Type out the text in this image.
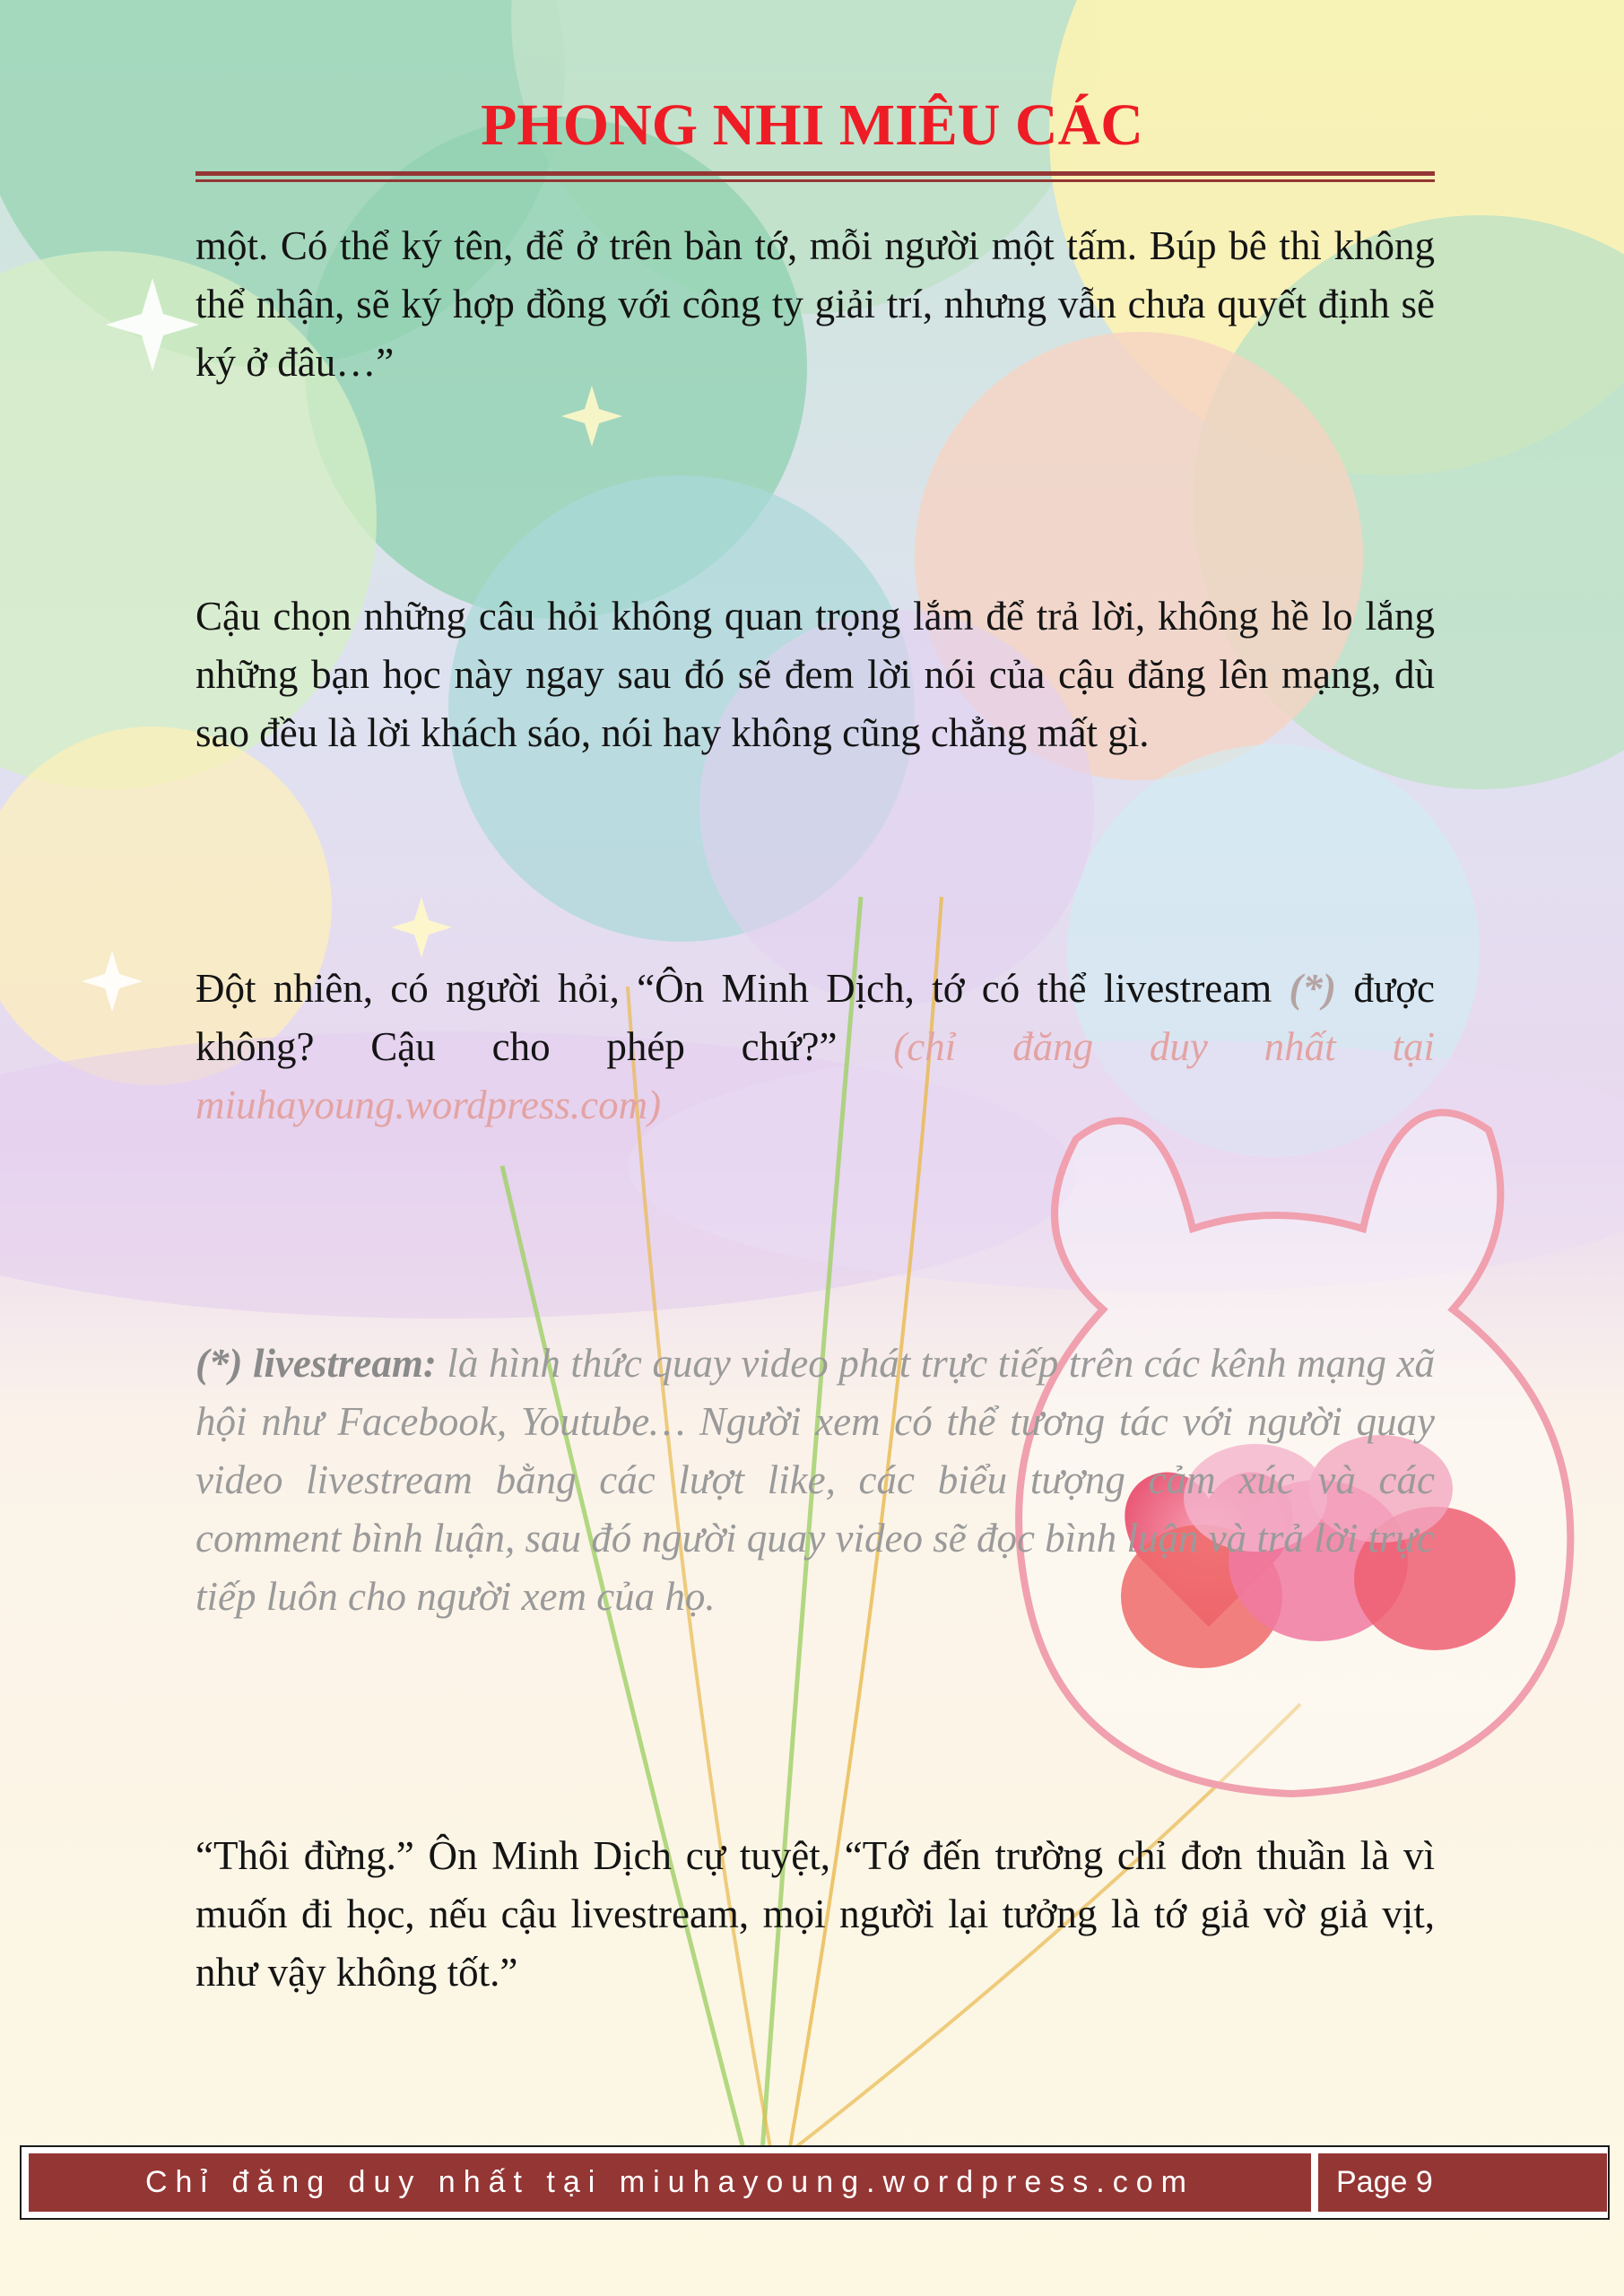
PHONG NHI MIÊU CÁC

một. Có thể ký tên, để ở trên bàn tớ, mỗi người một tấm. Búp bê thì không thể nhận, sẽ ký hợp đồng với công ty giải trí, nhưng vẫn chưa quyết định sẽ ký ở đâu…”

Cậu chọn những câu hỏi không quan trọng lắm để trả lời, không hề lo lắng những bạn học này ngay sau đó sẽ đem lời nói của cậu đăng lên mạng, dù sao đều là lời khách sáo, nói hay không cũng chẳng mất gì.

Đột nhiên, có người hỏi, “Ôn Minh Dịch, tớ có thể livestream (*) được không? Cậu cho phép chứ?” (chỉ đăng duy nhất tại miuhayoung.wordpress.com)

(*) livestream: là hình thức quay video phát trực tiếp trên các kênh mạng xã hội như Facebook, Youtube… Người xem có thể tương tác với người quay video livestream bằng các lượt like, các biểu tượng cảm xúc và các comment bình luận, sau đó người quay video sẽ đọc bình luận và trả lời trực tiếp luôn cho người xem của họ.

“Thôi đừng.” Ôn Minh Dịch cự tuyệt, “Tớ đến trường chỉ đơn thuần là vì muốn đi học, nếu cậu livestream, mọi người lại tưởng là tớ giả vờ giả vịt, như vậy không tốt.”

Chỉ đăng duy nhất tại miuhayoung.wordpress.com	Page 9
